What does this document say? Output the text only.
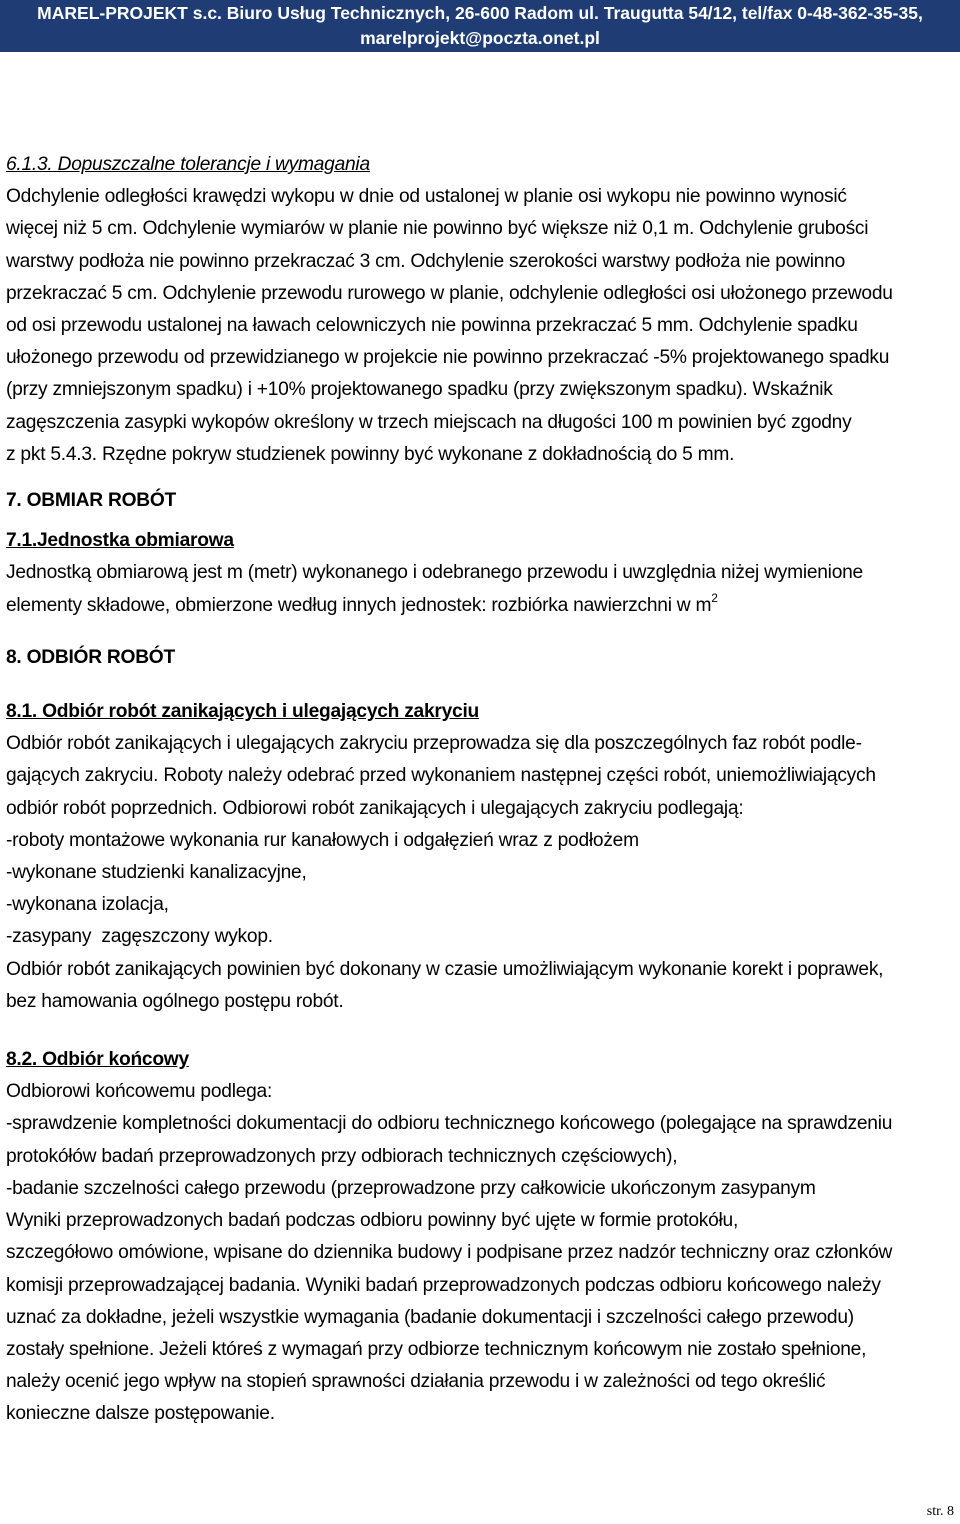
MAREL-PROJEKT s.c. Biuro Usług Technicznych, 26-600 Radom ul. Traugutta 54/12, tel/fax 0-48-362-35-35,
marelprojekt@poczta.onet.pl

6.1.3. Dopuszczalne tolerancje i wymagania

Odchylenie odległości krawędzi wykopu w dnie od ustalonej w planie osi wykopu nie powinno wynosić

więcej niż 5 cm. Odchylenie wymiarów w planie nie powinno być większe niż 0,1 m. Odchylenie grubości

warstwy podłoża nie powinno przekraczać 3 cm. Odchylenie szerokości warstwy podłoża nie powinno

przekraczać 5 cm. Odchylenie przewodu rurowego w planie, odchylenie odległości osi ułożonego przewodu

od osi przewodu ustalonej na ławach celowniczych nie powinna przekraczać 5 mm. Odchylenie spadku

ułożonego przewodu od przewidzianego w projekcie nie powinno przekraczać -5% projektowanego spadku

(przy zmniejszonym spadku) i +10% projektowanego spadku (przy zwiększonym spadku). Wskaźnik

zagęszczenia zasypki wykopów określony w trzech miejscach na długości 100 m powinien być zgodny

z pkt 5.4.3. Rzędne pokryw studzienek powinny być wykonane z dokładnością do 5 mm.

7. OBMIAR ROBÓT

7.1.Jednostka obmiarowa

Jednostką obmiarową jest m (metr) wykonanego i odebranego przewodu i uwzględnia niżej wymienione

elementy składowe, obmierzone według innych jednostek: rozbiórka nawierzchni w $m^2$

8. ODBIÓR ROBÓT

8.1. Odbiór robót zanikających i ulegających zakryciu

Odbiór robót zanikających i ulegających zakryciu przeprowadza się dla poszczególnych faz robót podle-

gających zakryciu. Roboty należy odebrać przed wykonaniem następnej części robót, uniemożliwiających

odbiór robót poprzednich. Odbiorowi robót zanikających i ulegających zakryciu podlegają:

-roboty montażowe wykonania rur kanałowych i odgałęzień wraz z podłożem

-wykonane studzienki kanalizacyjne,

-wykonana izolacja,

-zasypany  zagęszczony wykop.

Odbiór robót zanikających powinien być dokonany w czasie umożliwiającym wykonanie korekt i poprawek,

bez hamowania ogólnego postępu robót.

8.2. Odbiór końcowy

Odbiorowi końcowemu podlega:

-sprawdzenie kompletności dokumentacji do odbioru technicznego końcowego (polegające na sprawdzeniu

protokółów badań przeprowadzonych przy odbiorach technicznych częściowych),

-badanie szczelności całego przewodu (przeprowadzone przy całkowicie ukończonym zasypanym

Wyniki przeprowadzonych badań podczas odbioru powinny być ujęte w formie protokółu,

szczegółowo omówione, wpisane do dziennika budowy i podpisane przez nadzór techniczny oraz członków

komisji przeprowadzającej badania. Wyniki badań przeprowadzonych podczas odbioru końcowego należy

uznać za dokładne, jeżeli wszystkie wymagania (badanie dokumentacji i szczelności całego przewodu)

zostały spełnione. Jeżeli któreś z wymagań przy odbiorze technicznym końcowym nie zostało spełnione,

należy ocenić jego wpływ na stopień sprawności działania przewodu i w zależności od tego określić

konieczne dalsze postępowanie.

str. 8
